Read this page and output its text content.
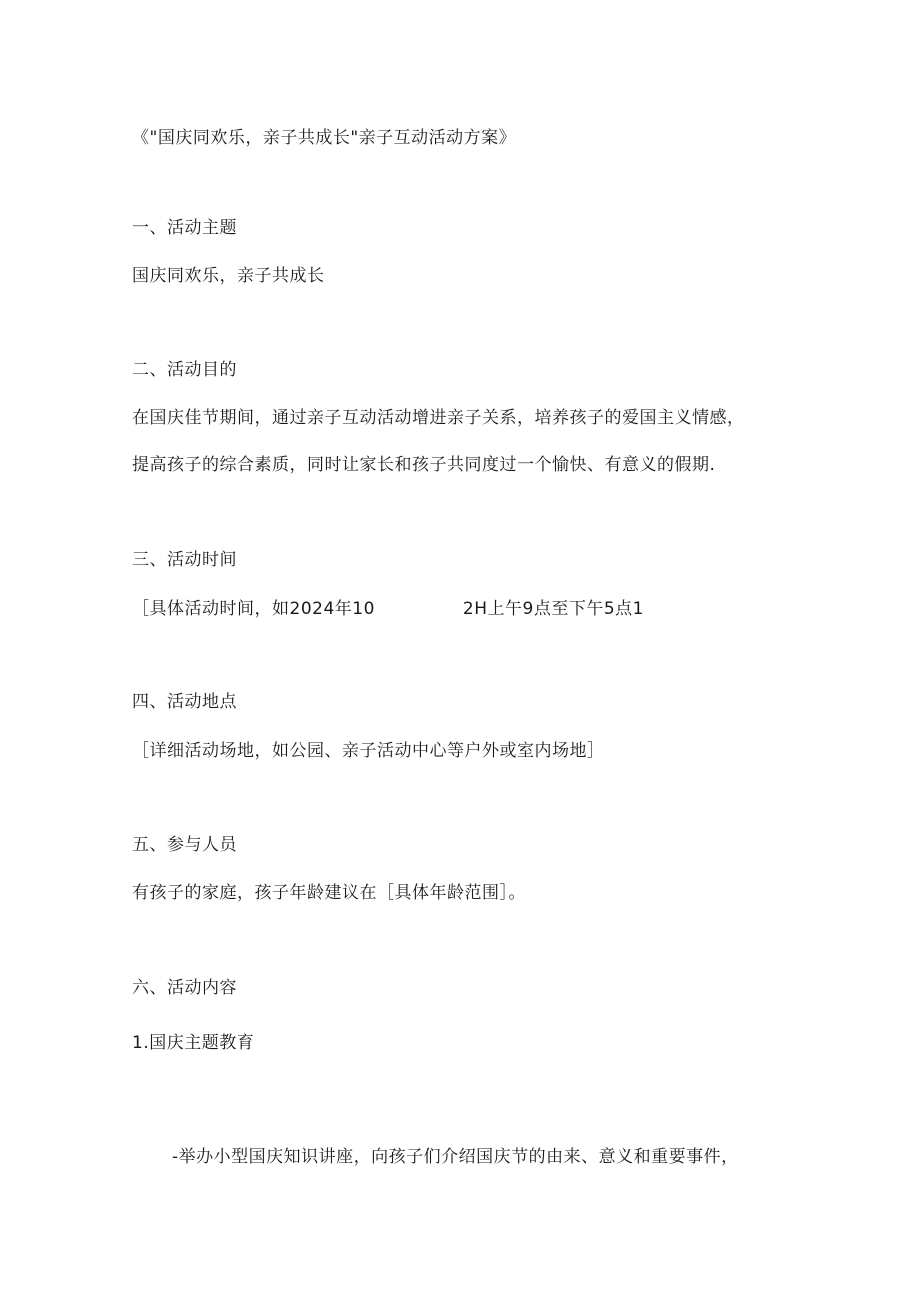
《"国庆同欢乐，亲子共成长"亲子互动活动方案》
一、活动主题
国庆同欢乐，亲子共成长
二、活动目的
在国庆佳节期间，通过亲子互动活动增进亲子关系，培养孩子的爱国主义情感，
提高孩子的综合素质，同时让家长和孩子共同度过一个愉快、有意义的假期.
三、活动时间
［具体活动时间，如2024年10	2H上午9点至下午5点1
四、活动地点
［详细活动场地，如公园、亲子活动中心等户外或室内场地］
五、参与人员
有孩子的家庭，孩子年龄建议在［具体年龄范围］。
六、活动内容
1.国庆主题教育
-举办小型国庆知识讲座，向孩子们介绍国庆节的由来、意义和重要事件，
